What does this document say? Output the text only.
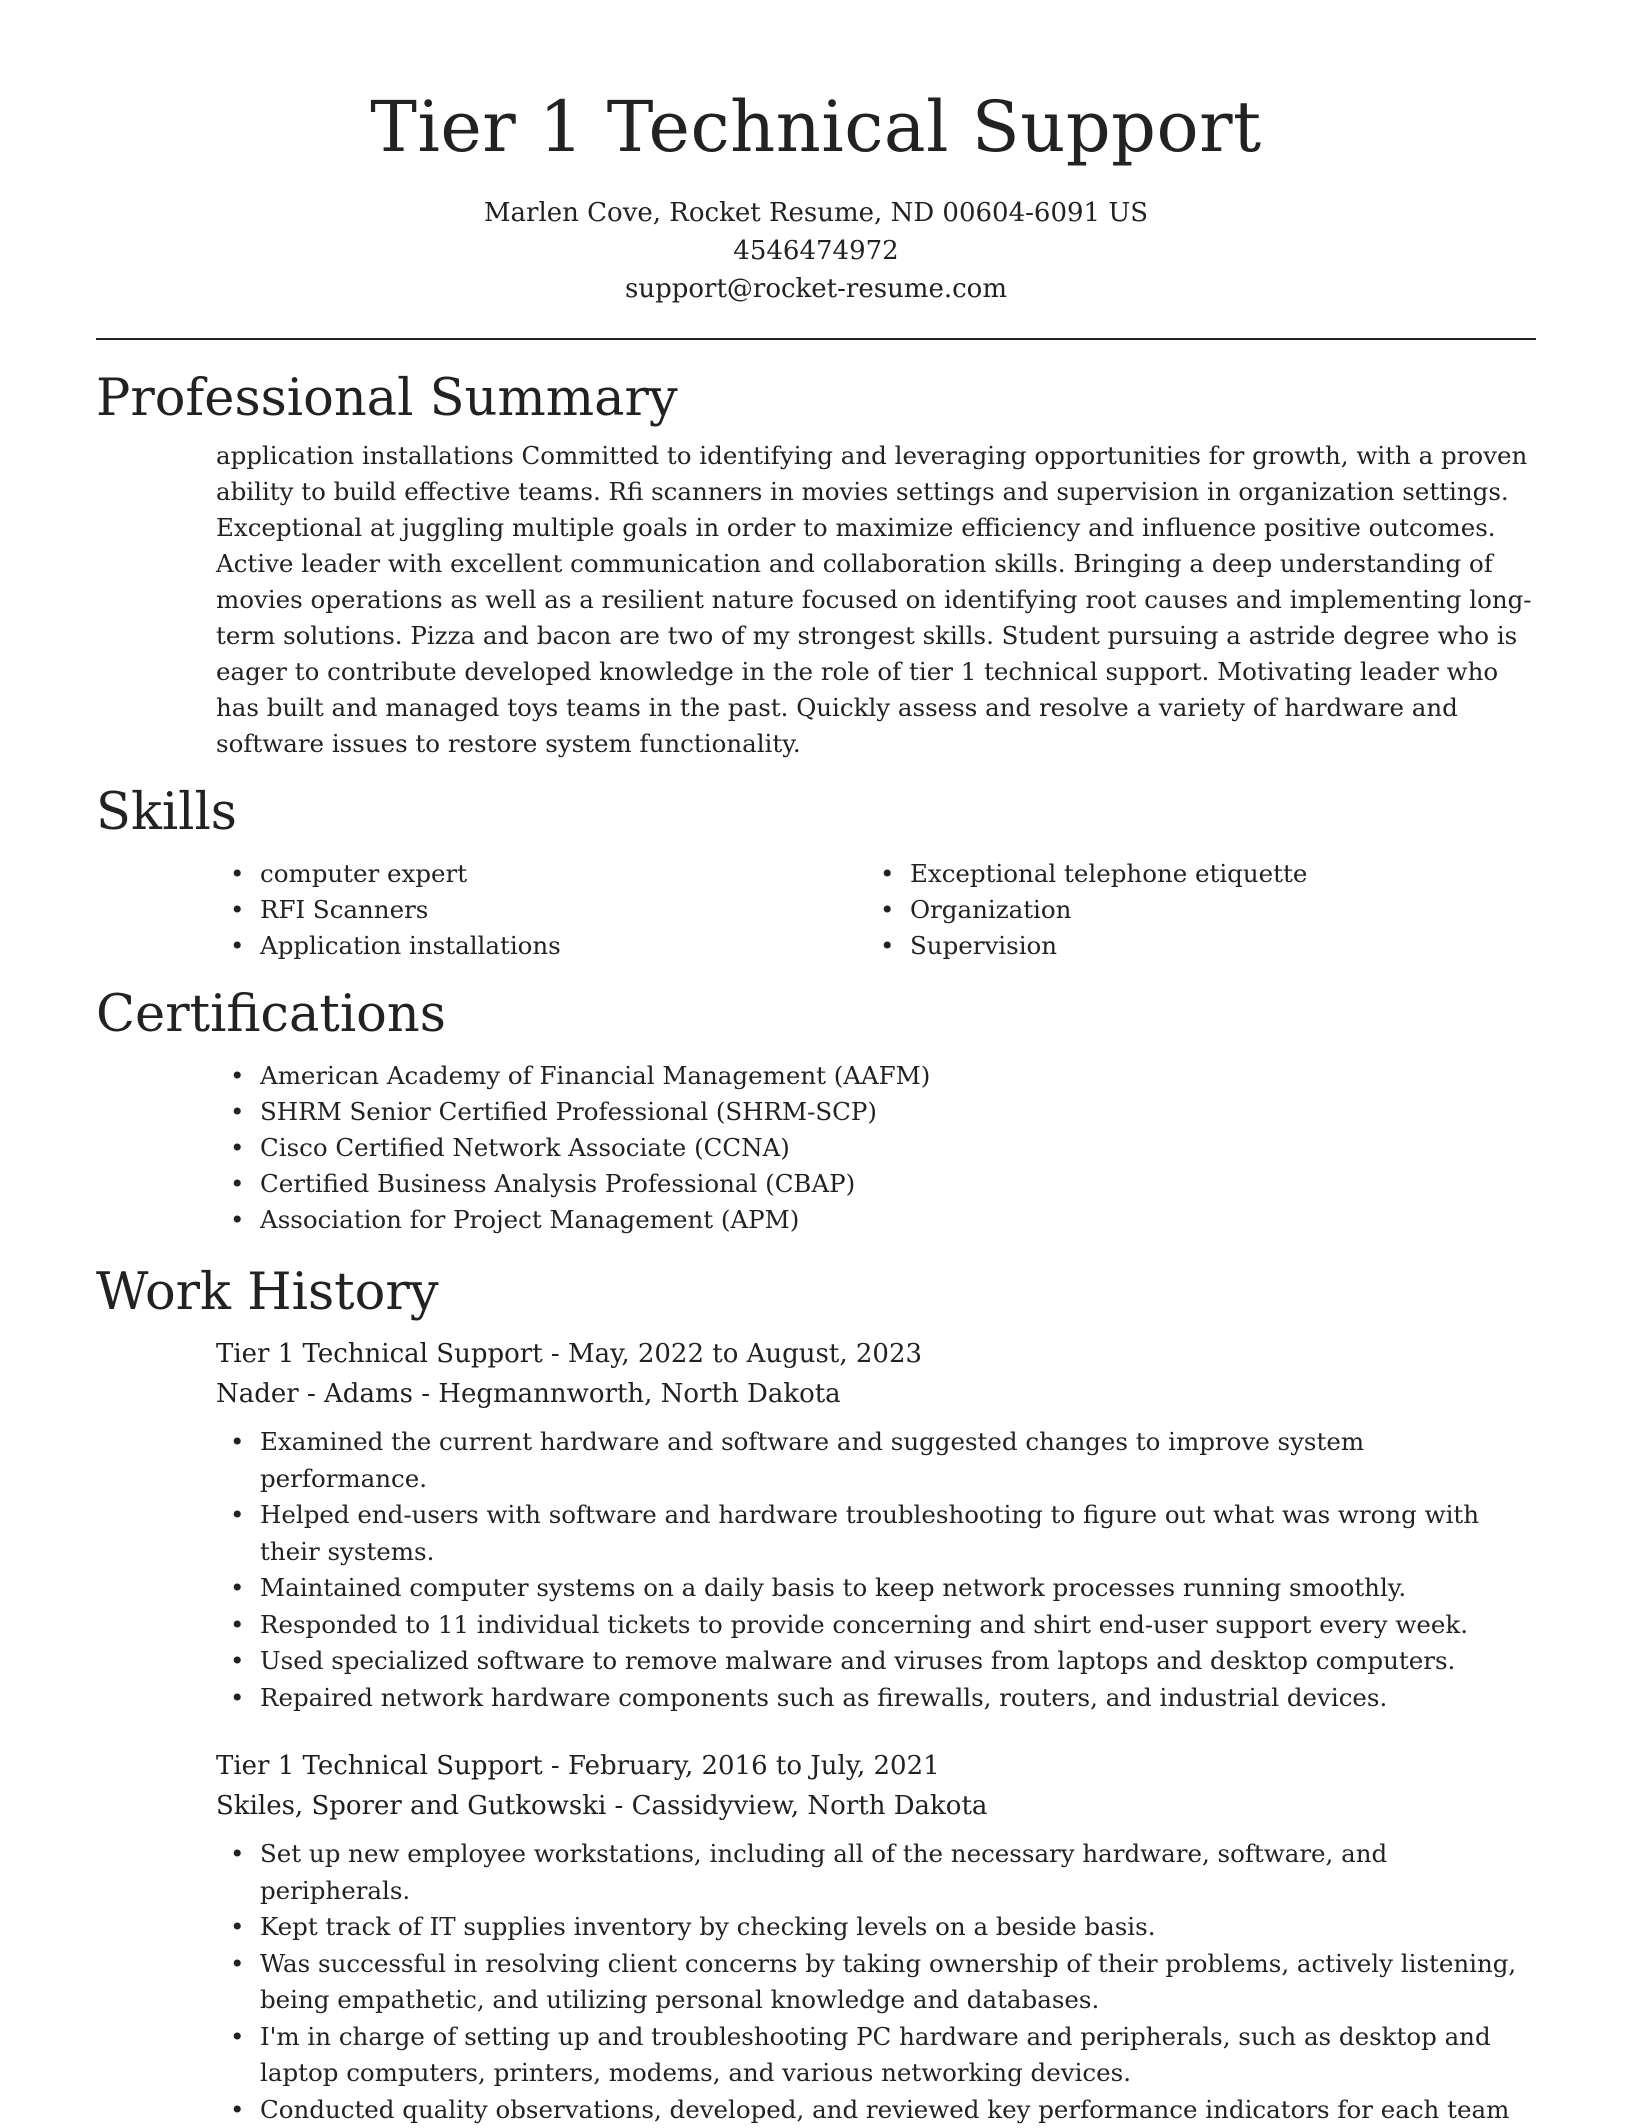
Tier 1 Technical Support
Marlen Cove, Rocket Resume, ND 00604-6091 US
4546474972
support@rocket-resume.com
Professional Summary

application installations Committed to identifying and leveraging opportunities for growth, with a proven ability to build effective teams. Rfi scanners in movies settings and supervision in organization settings. Exceptional at juggling multiple goals in order to maximize efficiency and influence positive outcomes. Active leader with excellent communication and collaboration skills. Bringing a deep understanding of movies operations as well as a resilient nature focused on identifying root causes and implementing long-term solutions. Pizza and bacon are two of my strongest skills. Student pursuing a astride degree who is eager to contribute developed knowledge in the role of tier 1 technical support. Motivating leader who has built and managed toys teams in the past. Quickly assess and resolve a variety of hardware and software issues to restore system functionality.

Skills
• computer expert
• RFI Scanners
• Application installations
• Exceptional telephone etiquette
• Organization
• Supervision
Certifications
• American Academy of Financial Management (AAFM)
• SHRM Senior Certified Professional (SHRM-SCP)
• Cisco Certified Network Associate (CCNA)
• Certified Business Analysis Professional (CBAP)
• Association for Project Management (APM)
Work History
Tier 1 Technical Support - May, 2022 to August, 2023
Nader - Adams - Hegmannworth, North Dakota
• Examined the current hardware and software and suggested changes to improve system performance.
• Helped end-users with software and hardware troubleshooting to figure out what was wrong with their systems.
• Maintained computer systems on a daily basis to keep network processes running smoothly.
• Responded to 11 individual tickets to provide concerning and shirt end-user support every week.
• Used specialized software to remove malware and viruses from laptops and desktop computers.
• Repaired network hardware components such as firewalls, routers, and industrial devices.
Tier 1 Technical Support - February, 2016 to July, 2021
Skiles, Sporer and Gutkowski - Cassidyview, North Dakota
• Set up new employee workstations, including all of the necessary hardware, software, and peripherals.
• Kept track of IT supplies inventory by checking levels on a beside basis.
• Was successful in resolving client concerns by taking ownership of their problems, actively listening, being empathetic, and utilizing personal knowledge and databases.
• I'm in charge of setting up and troubleshooting PC hardware and peripherals, such as desktop and laptop computers, printers, modems, and various networking devices.
• Conducted quality observations, developed, and reviewed key performance indicators for each team
